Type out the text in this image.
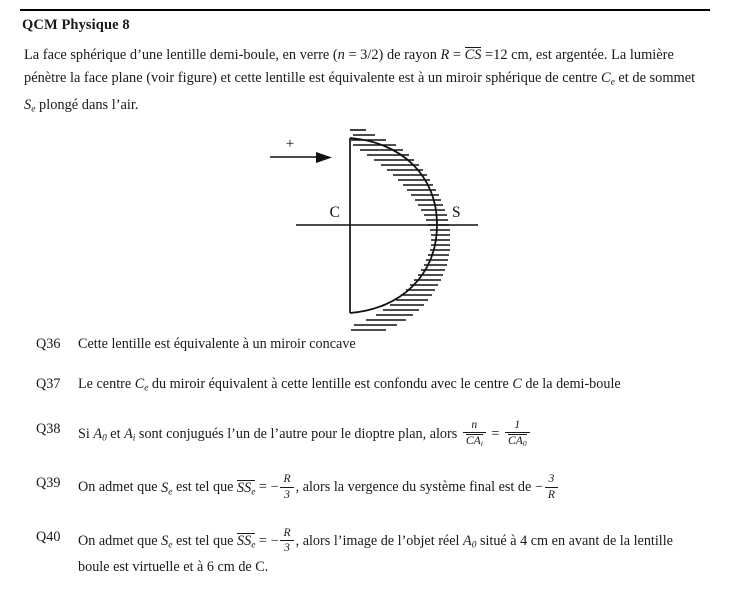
QCM Physique 8
La face sphérique d’une lentille demi-boule, en verre (n = 3/2) de rayon R = CS =12 cm, est argentée. La lumière
pénètre la face plane (voir figure) et cette lentille est équivalente est à un miroir sphérique de centre $C_e$ et de sommet
$S_e$ plongé dans l’air.
+
C	S
Q36	Cette lentille est équivalente à un miroir concave
Q37	Le centre $C_e$ du miroir équivalent à cette lentille est confondu avec le centre C de la demi-boule
Q38	Si $A_0$ et $A_i$ sont conjugués l’un de l’autre pour le dioptre plan, alors $\frac{n}{CA_i} = \frac{1}{CA_0}$
Q39	On admet que $S_e$ est tel que $SS_e$ = − $\frac{R}{3}$ , alors la vergence du système final est de − $\frac{3}{R}$
Q40	On admet que $S_e$ est tel que $SS_e$ = − $\frac{R}{3}$ , alors l’image de l’objet réel $A_0$ situé à 4 cm en avant de la lentille
boule est virtuelle et à 6 cm de C.
